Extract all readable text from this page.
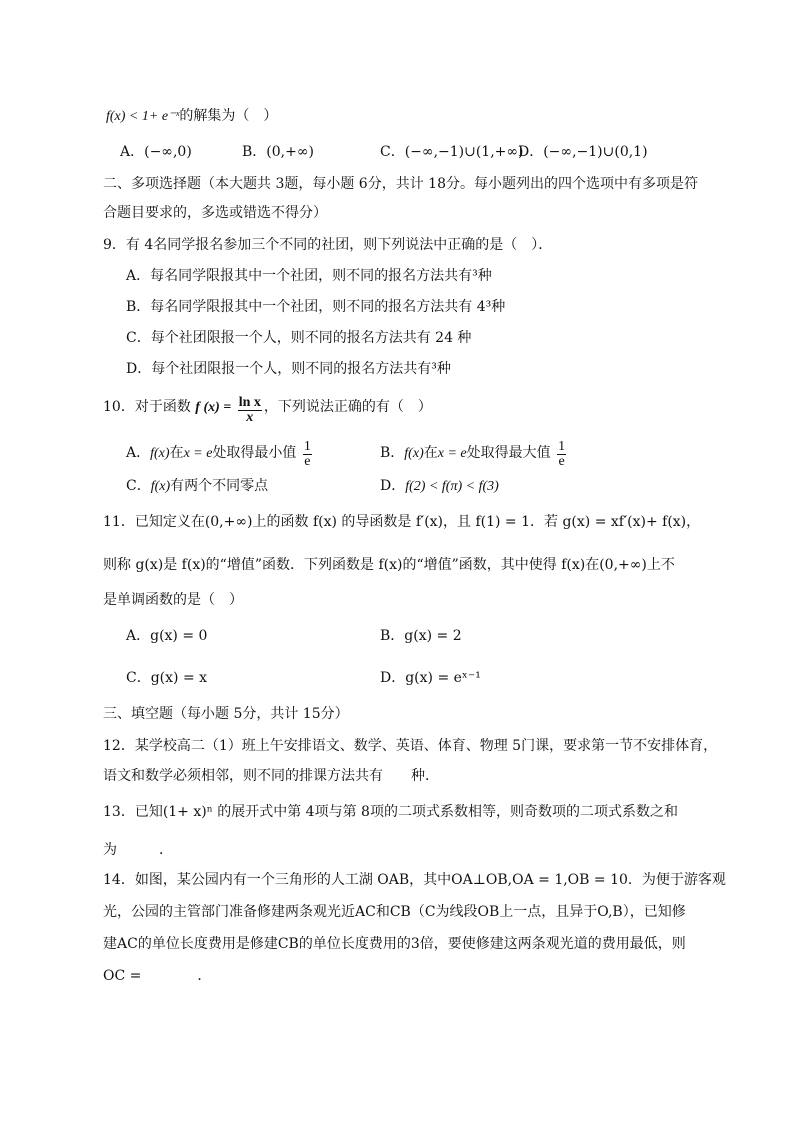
f(x) < 1+ e⁻ˣ的解集为（　）
A．(−∞,0)	B．(0,+∞)	C．(−∞,−1)∪(1,+∞)
D．(−∞,−1)∪(0,1)
二、多项选择题（本大题共 3题，每小题 6分，共计 18分。每小题列出的四个选项中有多项是符
合题目要求的，多选或错选不得分）
9．有 4名同学报名参加三个不同的社团，则下列说法中正确的是（　）．
A．每名同学限报其中一个社团，则不同的报名方法共有³种
B．每名同学限报其中一个社团，则不同的报名方法共有 4³种
C．每个社团限报一个人，则不同的报名方法共有 24 种
D．每个社团限报一个人，则不同的报名方法共有³种
10．对于函数 f $(x) = \frac{\text{ln x}}{x}$ ，下列说法正确的有（　）
A．f(x)在x = e处取得最小值 $\frac{1}{e}$	B．f(x)在x = e处取得最大值 $\frac{1}{e}$
C．f(x)有两个不同零点	D．f(2) < f(π) < f(3)
11．已知定义在(0,+∞)上的函数 f(x) 的导函数是 f′(x)，且 f(1) = 1．若 g(x) = xf′(x)+ f(x)，
则称 g(x)是 f(x)的“增值”函数．下列函数是 f(x)的“增值”函数，其中使得 f(x)在(0,+∞)上不
是单调函数的是（　）
A．g(x) = 0	B．g(x) = 2
C．g(x) = x	D．g(x) = eˣ⁻¹
三、填空题（每小题 5分，共计 15分）
12．某学校高二（1）班上午安排语文、数学、英语、体育、物理 5门课，要求第一节不安排体育，
语文和数学必须相邻，则不同的排课方法共有　　种．
13．已知(1+ x)ⁿ 的展开式中第 4项与第 8项的二项式系数相等，则奇数项的二项式系数之和
为　　　．
14．如图，某公园内有一个三角形的人工湖 OAB，其中OA⊥OB,OA = 1,OB = 10．为便于游客观
光，公园的主管部门准备修建两条观光近AC和CB（C为线段OB上一点，且异于O,B），已知修
建AC的单位长度费用是修建CB的单位长度费用的3倍，要使修建这两条观光道的费用最低，则
OC =　　　　．
